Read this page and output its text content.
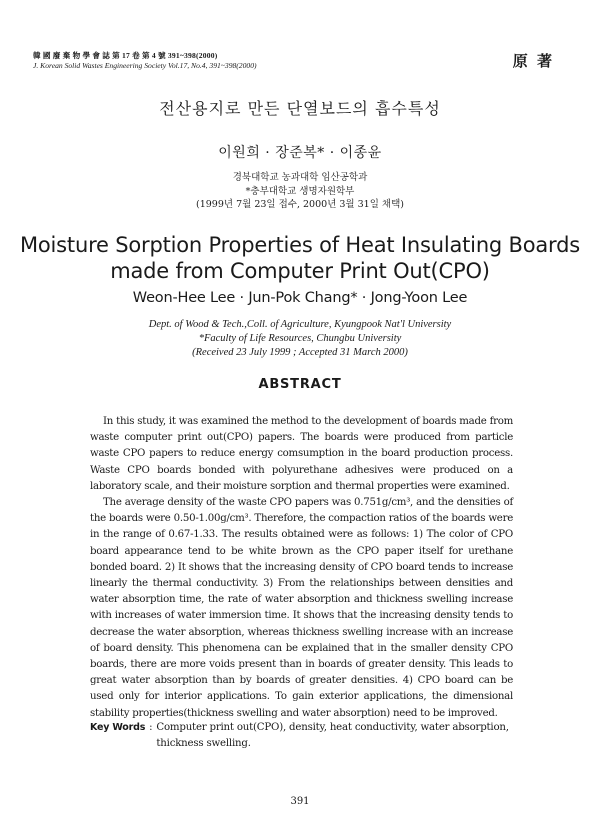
韓 國 廢 棄 物 學 會 誌 第 17 卷 第 4 號 391~398(2000)
J. Korean Solid Wastes Engineering Society Vol.17, No.4, 391~398(2000)	原 著
전산용지로 만든 단열보드의 흡수특성
이원희 · 장준복* · 이종윤
경북대학교 농과대학 임산공학과
*충부대학교 생명자원학부
(1999년 7월 23일 접수, 2000년 3월 31일 채택)
Moisture Sorption Properties of Heat Insulating Boards
made from Computer Print Out(CPO)
Weon-Hee Lee · Jun-Pok Chang* · Jong-Yoon Lee
Dept. of Wood & Tech.,Coll. of Agriculture, Kyungpook Nat'l University
*Faculty of Life Resources, Chungbu University
(Received 23 July 1999 ; Accepted 31 March 2000)
ABSTRACT

In this study, it was examined the method to the development of boards made from waste computer print out(CPO) papers. The boards were produced from particle waste CPO papers to reduce energy comsumption in the board production process. Waste CPO boards bonded with polyurethane adhesives were produced on a laboratory scale, and their moisture sorption and thermal properties were examined.

The average density of the waste CPO papers was 0.751g/cm³, and the densities of the boards were 0.50-1.00g/cm³. Therefore, the compaction ratios of the boards were in the range of 0.67-1.33. The results obtained were as follows: 1) The color of CPO board appearance tend to be white brown as the CPO paper itself for urethane bonded board. 2) It shows that the increasing density of CPO board tends to increase linearly the thermal conductivity. 3) From the relationships between densities and water absorption time, the rate of water absorption and thickness swelling increase with increases of water immersion time. It shows that the increasing density tends to decrease the water absorption, whereas thickness swelling increase with an increase of board density. This phenomena can be explained that in the smaller density CPO boards, there are more voids present than in boards of greater density. This leads to great water absorption than by boards of greater densities. 4) CPO board can be used only for interior applications. To gain exterior applications, the dimensional stability properties(thickness swelling and water absorption) need to be improved.

Key Words : Computer print out(CPO), density, heat conductivity, water absorption, thickness swelling.
391
